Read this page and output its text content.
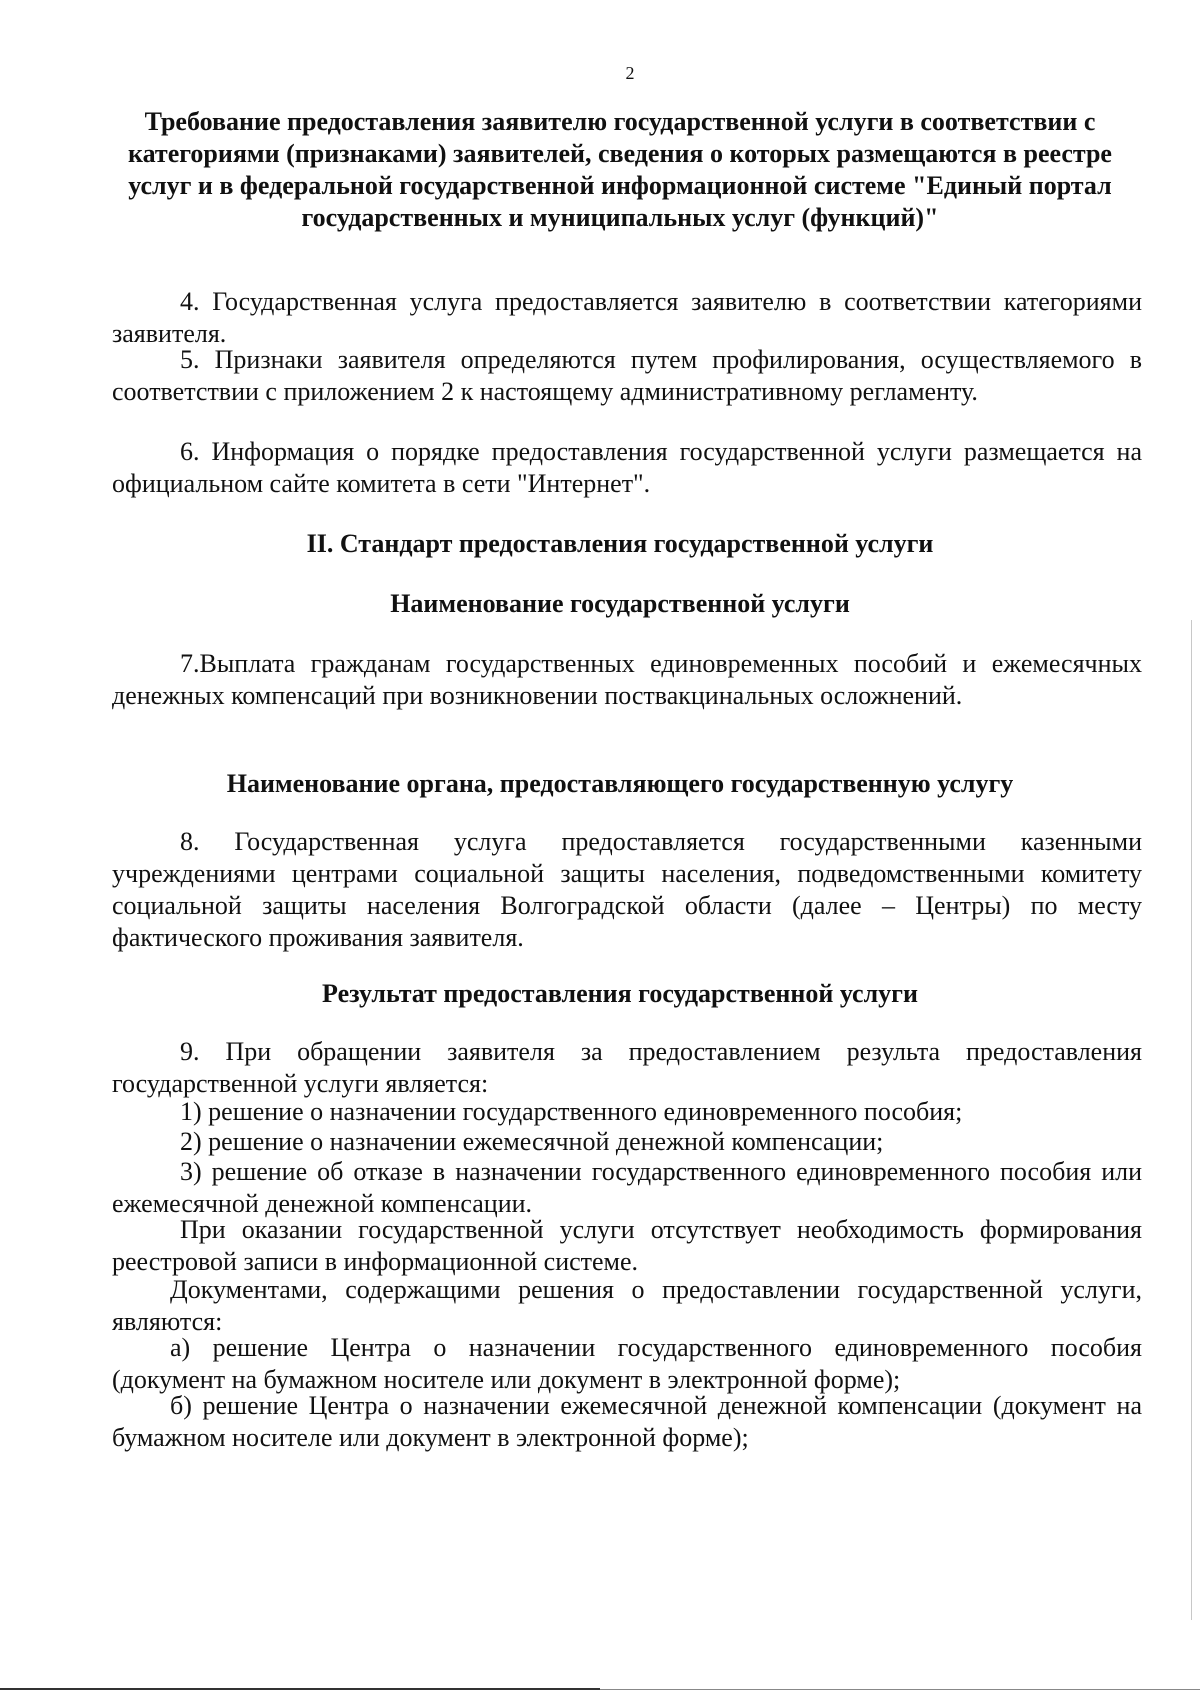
2

Требование предоставления заявителю государственной услуги в соответствии с категориями (признаками) заявителей, сведения о которых размещаются в реестре услуг и в федеральной государственной информационной системе "Единый портал государственных и муниципальных услуг (функций)"

4. Государственная услуга предоставляется заявителю в соответствии категориями заявителя.

5. Признаки заявителя определяются путем профилирования, осуществляемого в соответствии с приложением 2 к настоящему административному регламенту.

6. Информация о порядке предоставления государственной услуги размещается на официальном сайте комитета в сети "Интернет".

II. Стандарт предоставления государственной услуги

Наименование государственной услуги

7.Выплата гражданам государственных единовременных пособий и ежемесячных денежных компенсаций при возникновении поствакцинальных осложнений.

Наименование органа, предоставляющего государственную услугу

8. Государственная услуга предоставляется государственными казенными учреждениями центрами социальной защиты населения, подведомственными комитету социальной защиты населения Волгоградской области (далее – Центры) по месту фактического проживания заявителя.

Результат предоставления государственной услуги

9. При обращении заявителя за предоставлением результа предоставления государственной услуги является:

1) решение о назначении государственного единовременного пособия;

2) решение о назначении ежемесячной денежной компенсации;

3) решение об отказе в назначении государственного единовременного пособия или ежемесячной денежной компенсации.

При оказании государственной услуги отсутствует необходимость формирования реестровой записи в информационной системе.

Документами, содержащими решения о предоставлении государственной услуги, являются:

а) решение Центра о назначении государственного единовременного пособия (документ на бумажном носителе или документ в электронной форме);

б) решение Центра о назначении ежемесячной денежной компенсации (документ на бумажном носителе или документ в электронной форме);
